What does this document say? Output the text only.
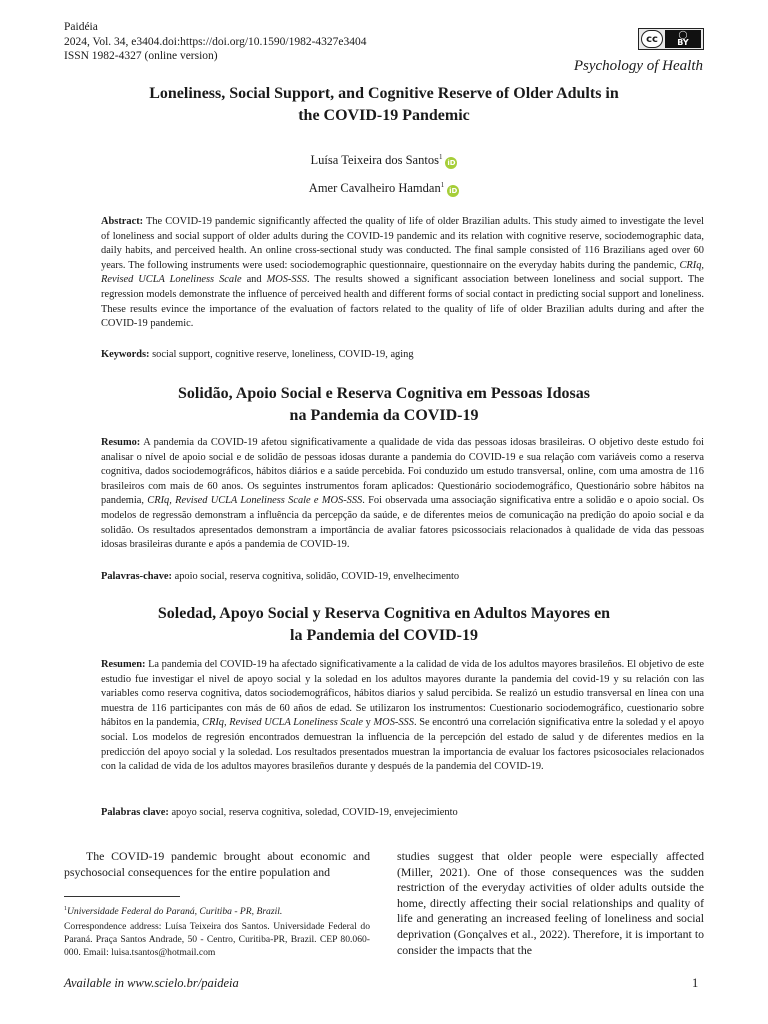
Paidéia
2024, Vol. 34, e3404.doi:https://doi.org/10.1590/1982-4327e3404
ISSN 1982-4327 (online version)
cc	◯
BY
Psychology of Health
Loneliness, Social Support, and Cognitive Reserve of Older Adults in
the COVID-19 Pandemic
Luísa Teixeira dos Santos$^1$iD
Amer Cavalheiro Hamdan$^1$iD
Abstract: The COVID-19 pandemic significantly affected the quality of life of older Brazilian adults. This study aimed to investigate the level of loneliness and social support of older adults during the COVID-19 pandemic and its relation with cognitive reserve, sociodemographic data, daily habits, and perceived health. An online cross-sectional study was conducted. The final sample consisted of 116 Brazilians aged over 60 years. The following instruments were used: sociodemographic questionnaire, questionnaire on the everyday habits during the pandemic, CRIq, Revised UCLA Loneliness Scale and MOS-SSS. The results showed a significant association between loneliness and social support. The regression models demonstrate the influence of perceived health and different forms of social contact in predicting social support and loneliness. These results evince the importance of the evaluation of factors related to the quality of life of older Brazilian adults during and after the COVID-19 pandemic.
Keywords: social support, cognitive reserve, loneliness, COVID-19, aging
Solidão, Apoio Social e Reserva Cognitiva em Pessoas Idosas
na Pandemia da COVID-19
Resumo: A pandemia da COVID-19 afetou significativamente a qualidade de vida das pessoas idosas brasileiras. O objetivo deste estudo foi analisar o nível de apoio social e de solidão de pessoas idosas durante a pandemia do COVID-19 e sua relação com variáveis como a reserva cognitiva, dados sociodemográficos, hábitos diários e a saúde percebida. Foi conduzido um estudo transversal, online, com uma amostra de 116 brasileiros com mais de 60 anos. Os seguintes instrumentos foram aplicados: Questionário sociodemográfico, Questionário sobre hábitos na pandemia, CRIq, Revised UCLA Loneliness Scale e MOS-SSS. Foi observada uma associação significativa entre a solidão e o apoio social. Os modelos de regressão demonstram a influência da percepção da saúde, e de diferentes meios de comunicação na predição do apoio social e da solidão. Os resultados apresentados demonstram a importância de avaliar fatores psicossociais relacionados à qualidade de vida das pessoas idosas brasileiras durante e após a pandemia de COVID-19.
Palavras-chave: apoio social, reserva cognitiva, solidão, COVID-19, envelhecimento
Soledad, Apoyo Social y Reserva Cognitiva en Adultos Mayores en
la Pandemia del COVID-19
Resumen: La pandemia del COVID-19 ha afectado significativamente a la calidad de vida de los adultos mayores brasileños. El objetivo de este estudio fue investigar el nivel de apoyo social y la soledad en los adultos mayores durante la pandemia del covid-19 y su relación con las variables como reserva cognitiva, datos sociodemográficos, hábitos diarios y salud percibida. Se realizó un estudio transversal en línea con una muestra de 116 participantes con más de 60 años de edad. Se utilizaron los instrumentos: Cuestionario sociodemográfico, cuestionario sobre hábitos en la pandemia, CRIq, Revised UCLA Loneliness Scale y MOS-SSS. Se encontró una correlación significativa entre la soledad y el apoyo social. Los modelos de regresión encontrados demuestran la influencia de la percepción del estado de salud y de diferentes medios en la predicción del apoyo social y la soledad. Los resultados presentados muestran la importancia de evaluar los factores psicosociales relacionados con la calidad de vida de los adultos mayores brasileños durante y después de la pandemia del COVID-19.
Palabras clave: apoyo social, reserva cognitiva, soledad, COVID-19, envejecimiento
The COVID-19 pandemic brought about economic and psychosocial consequences for the entire population and
studies suggest that older people were especially affected (Miller, 2021). One of those consequences was the sudden restriction of the everyday activities of older adults outside the home, directly affecting their social relationships and quality of life and generating an increased feeling of loneliness and social deprivation (Gonçalves et al., 2022). Therefore, it is important to consider the impacts that the
$^1$Universidade Federal do Paraná, Curitiba - PR, Brazil.
Correspondence address: Luísa Teixeira dos Santos. Universidade Federal do Paraná. Praça Santos Andrade, 50 - Centro, Curitiba-PR, Brazil. CEP 80.060-000. Email: luisa.tsantos@hotmail.com
Available in www.scielo.br/paideia	1
